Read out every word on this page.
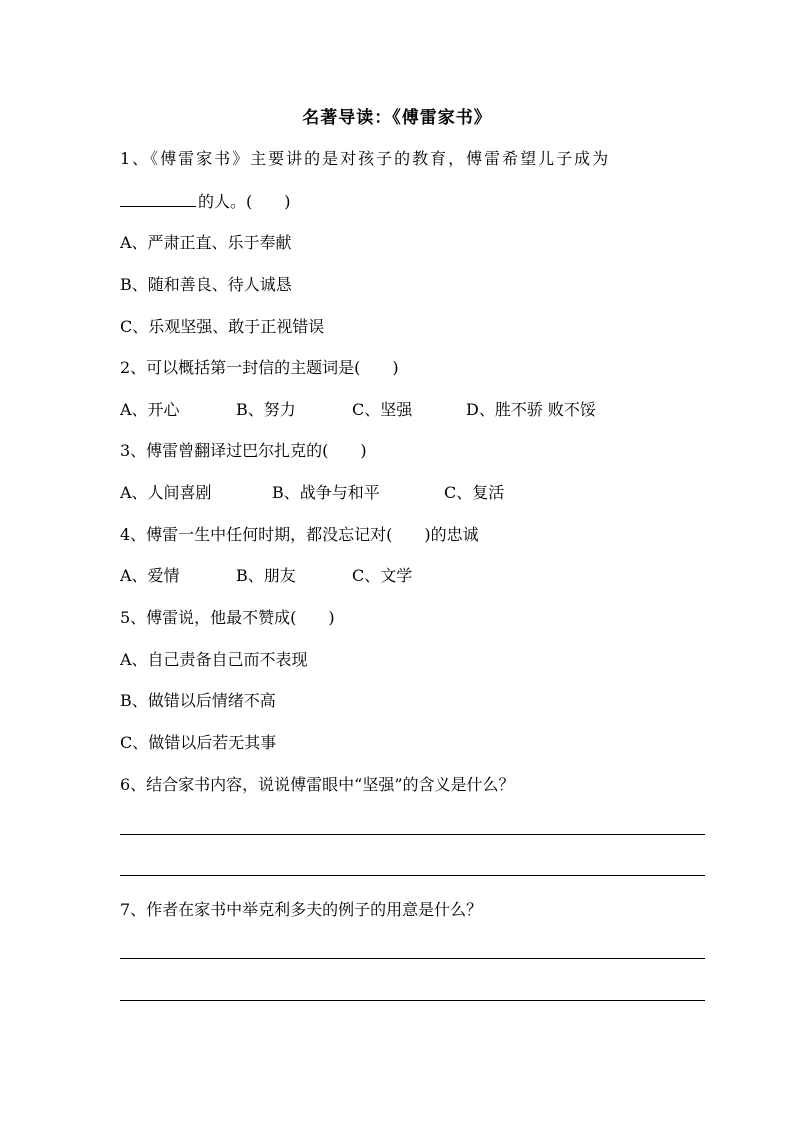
名著导读：《傅雷家书》
1、《傅雷家书》主要讲的是对孩子的教育，傅雷希望儿子成为
的人。(　　)
A、严肃正直、乐于奉献
B、随和善良、待人诚恳
C、乐观坚强、敢于正视错误
2、可以概括第一封信的主题词是(　　)
A、开心	B、努力	C、坚强	D、胜不骄 败不馁
3、傅雷曾翻译过巴尔扎克的(　　)
A、人间喜剧	B、战争与和平	C、复活
4、傅雷一生中任何时期，都没忘记对(　　)的忠诚
A、爱情	B、朋友	C、文学
5、傅雷说，他最不赞成(　　)
A、自己责备自己而不表现
B、做错以后情绪不高
C、做错以后若无其事
6、结合家书内容，说说傅雷眼中“坚强”的含义是什么？
7、作者在家书中举克利多夫的例子的用意是什么？
